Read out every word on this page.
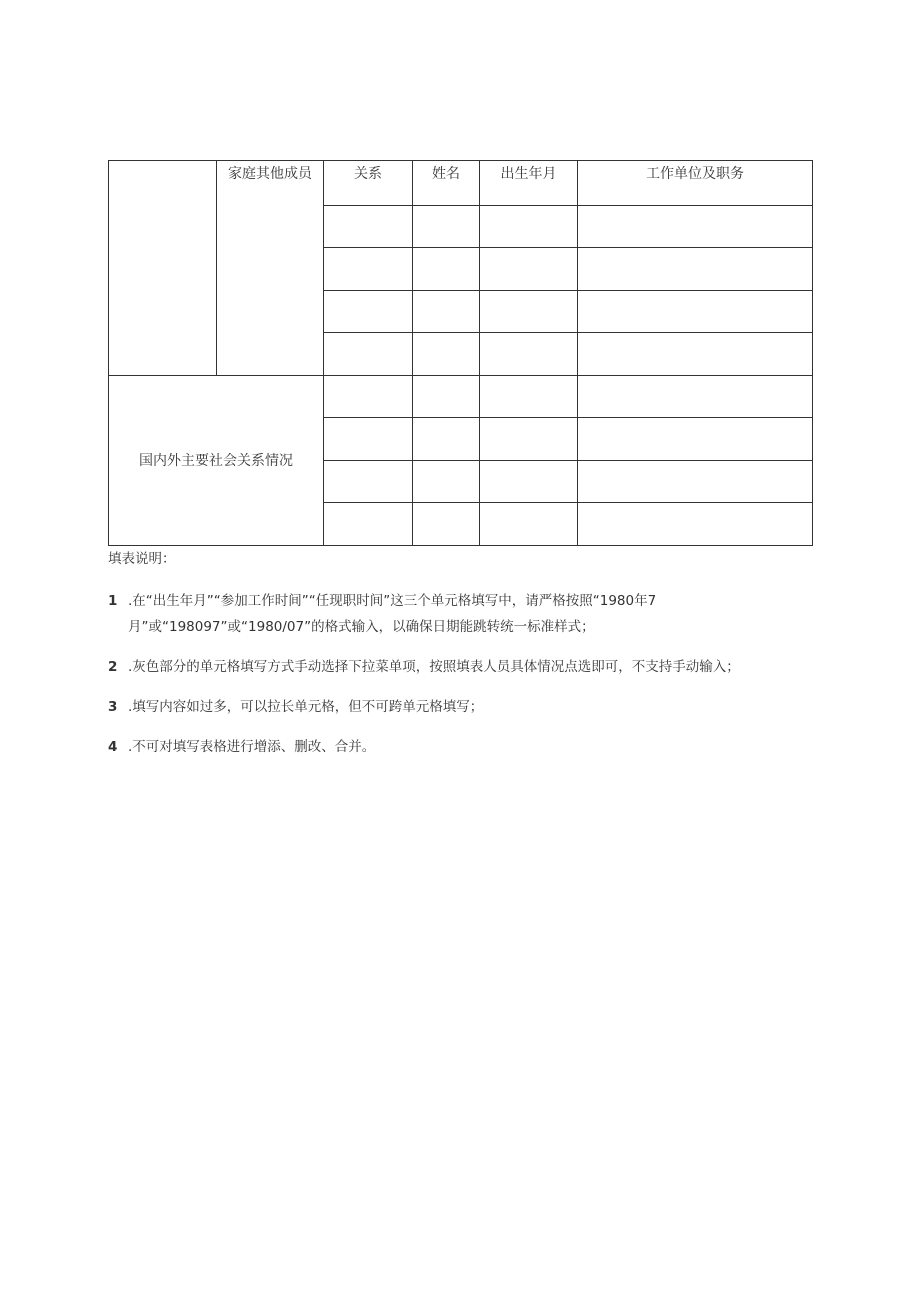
	家庭其他成员	关系	姓名	出生年月	工作单位及职务

国内外主要社会关系情况					

填表说明：

1 .在“出生年月”“参加工作时间”“任现职时间”这三个单元格填写中，请严格按照“1980年7月”或“198097”或“1980/07”的格式输入，以确保日期能跳转统一标准样式；
2 .灰色部分的单元格填写方式手动选择下拉菜单项，按照填表人员具体情况点选即可，不支持手动输入；
3 .填写内容如过多，可以拉长单元格，但不可跨单元格填写；
4 .不可对填写表格进行增添、删改、合并。
